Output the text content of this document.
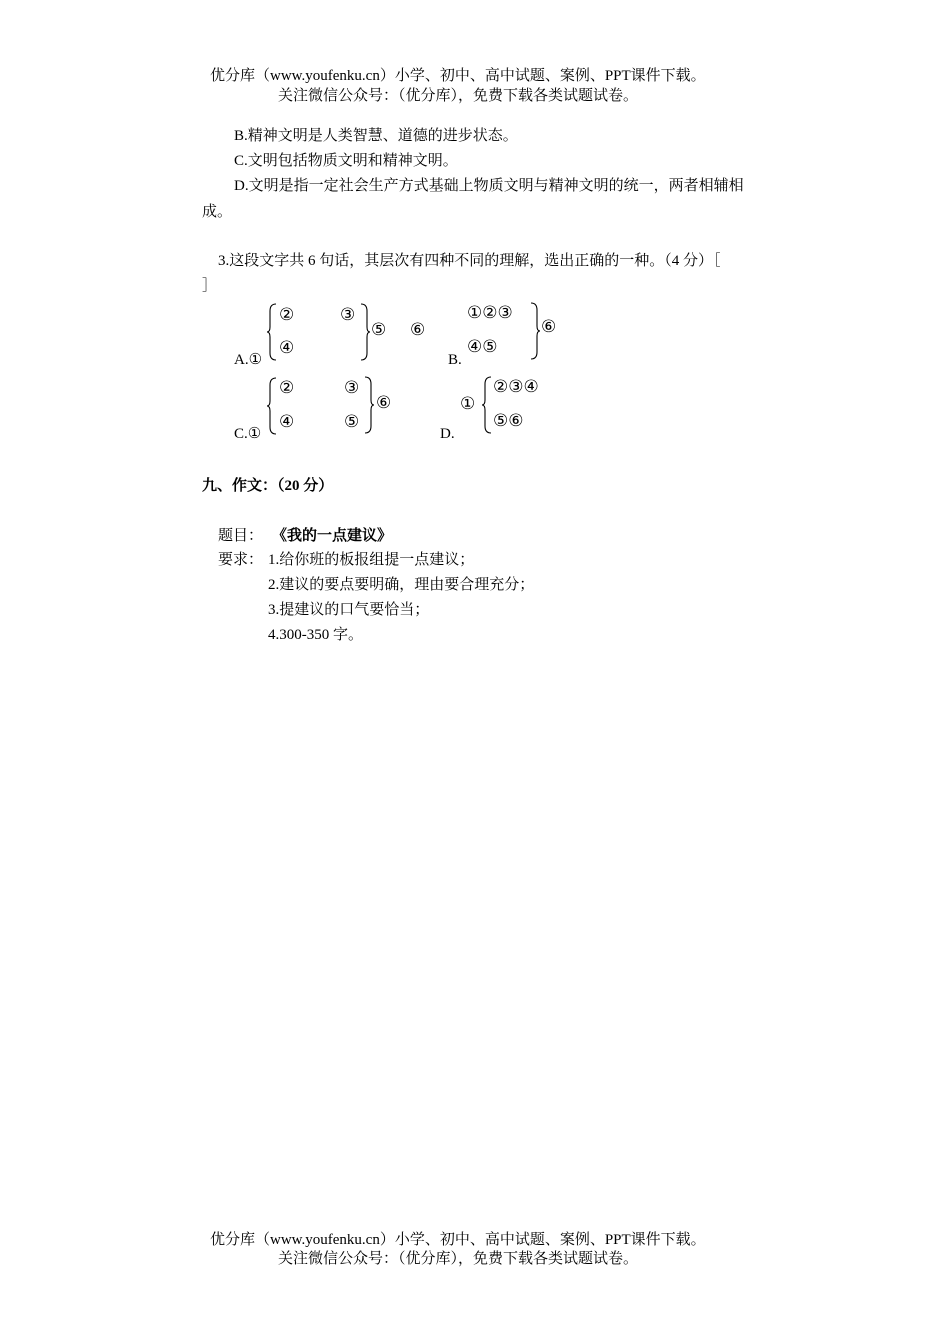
优分库（www.youfenku.cn）小学、初中、高中试题、案例、PPT课件下载。
关注微信公众号：（优分库），免费下载各类试题试卷。
B.精神文明是人类智慧、道德的进步状态。
C.文明包括物质文明和精神文明。
D.文明是指一定社会生产方式基础上物质文明与精神文明的统一，两者相辅相
成。
3.这段文字共 6 句话，其层次有四种不同的理解，选出正确的一种。（4 分）［
］
A.①
②	③
④
⑤ ⑥
B.
①②③
④⑤
⑥
C.①
②	③
④	⑤
⑥
D.
①
②③④
⑤⑥
九、作文：（20 分）
题目： 《我的一点建议》
要求： 1.给你班的板报组提一点建议；
2.建议的要点要明确，理由要合理充分；
3.提建议的口气要恰当；
4.300-350 字。
优分库（www.youfenku.cn）小学、初中、高中试题、案例、PPT课件下载。
关注微信公众号：（优分库），免费下载各类试题试卷。
